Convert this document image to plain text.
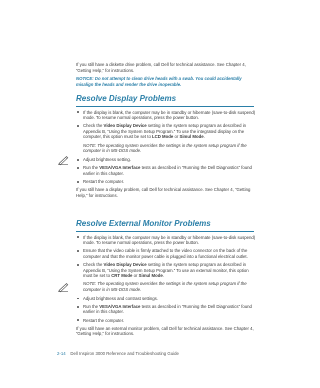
If you still have a diskette drive problem, call Dell for technical assistance. See Chapter 4, “Getting Help,” for instructions.

NOTICE: Do not attempt to clean drive heads with a swab. You could accidentally misalign the heads and render the drive inoperable.

Resolve Display Problems
If the display is blank, the computer may be in standby or hibernate (save-to-disk suspend) mode. To resume normal operations, press the power button.
Check the Video Display Device setting in the system setup program as described in Appendix B, “Using the System Setup Program.” To use the integrated display on the computer, this option must be set to LCD Mode or Simul Mode.
NOTE: The operating system overrides the settings in the system setup program if the computer is in MS-DOS mode.
Adjust brightness setting.
Run the VESA/VGA Interface tests as described in “Running the Dell Diagnostics” found earlier in this chapter.
Restart the computer.

If you still have a display problem, call Dell for technical assistance. See Chapter 4, “Getting Help,” for instructions.

Resolve External Monitor Problems
If the display is blank, the computer may be in standby or hibernate (save-to-disk suspend) mode. To resume normal operations, press the power button.
Ensure that the video cable is firmly attached to the video connector on the back of the computer and that the monitor power cable is plugged into a functional electrical outlet.
Check the Video Display Device setting in the system setup program as described in Appendix B, “Using the System Setup Program.” To use an external monitor, this option must be set to CRT Mode or Simul Mode.
NOTE: The operating system overrides the settings in the system setup program if the computer is in MS-DOS mode.
Adjust brightness and contrast settings.
Run the VESA/VGA Interface tests as described in “Running the Dell Diagnostics” found earlier in this chapter.
Restart the computer.

If you still have an external monitor problem, call Dell for technical assistance. See Chapter 4, “Getting Help,” for instructions.

2-14 Dell Inspiron 3000 Reference and Troubleshooting Guide
